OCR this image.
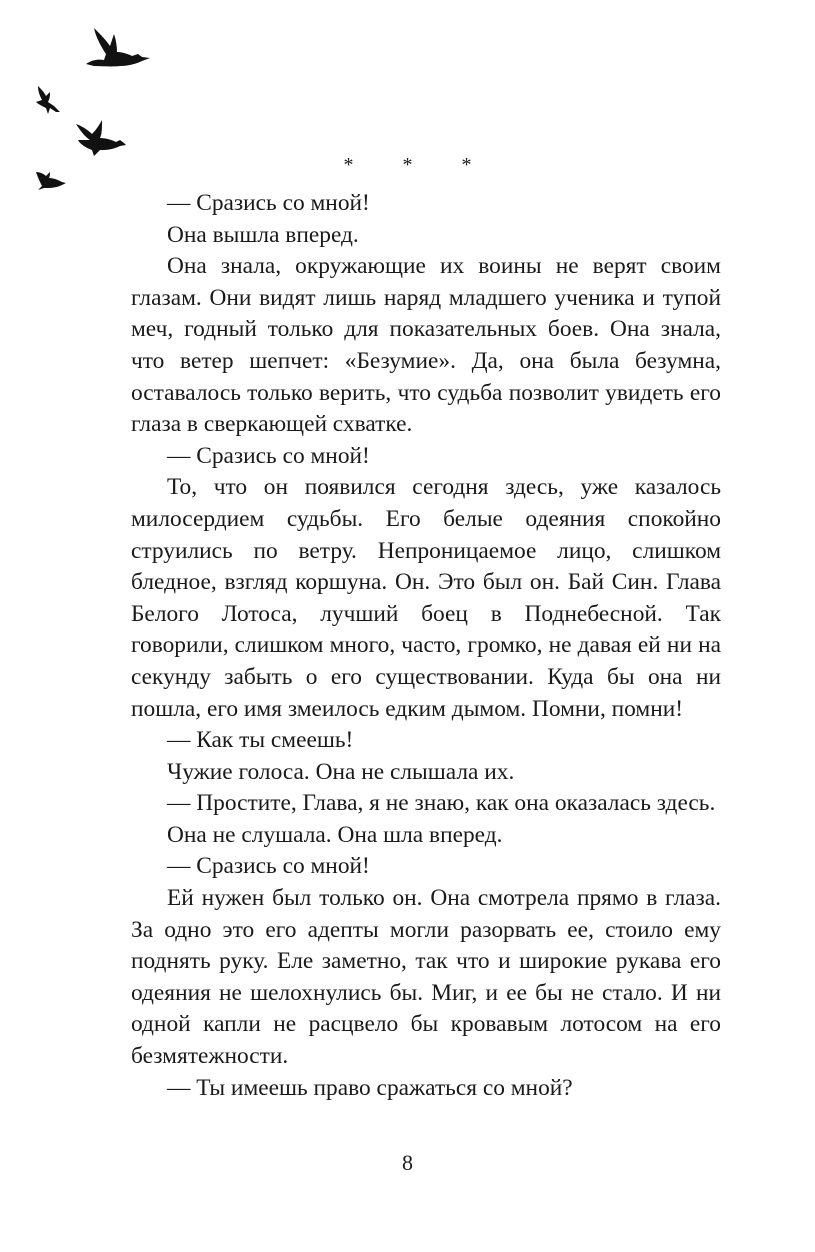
* * *

— Сразись со мной!

Она вышла вперед.

Она знала, окружающие их воины не верят своим глазам. Они видят лишь наряд младшего ученика и тупой меч, годный только для показательных боев. Она знала, что ветер шепчет: «Безумие». Да, она была безумна, оставалось только верить, что судьба позволит увидеть его глаза в сверкающей схватке.

— Сразись со мной!

То, что он появился сегодня здесь, уже казалось милосердием судьбы. Его белые одеяния спокойно струились по ветру. Непроницаемое лицо, слишком бледное, взгляд коршуна. Он. Это был он. Бай Син. Глава Белого Лотоса, лучший боец в Поднебесной. Так говорили, слишком много, часто, громко, не давая ей ни на секунду забыть о его существовании. Куда бы она ни пошла, его имя змеилось едким дымом. Помни, помни!

— Как ты смеешь!

Чужие голоса. Она не слышала их.

— Простите, Глава, я не знаю, как она оказалась здесь.

Она не слушала. Она шла вперед.

— Сразись со мной!

Ей нужен был только он. Она смотрела прямо в глаза. За одно это его адепты могли разорвать ее, стоило ему поднять руку. Еле заметно, так что и широкие рукава его одеяния не шелохнулись бы. Миг, и ее бы не стало. И ни одной капли не расцвело бы кровавым лотосом на его безмятежности.

— Ты имеешь право сражаться со мной?

8
